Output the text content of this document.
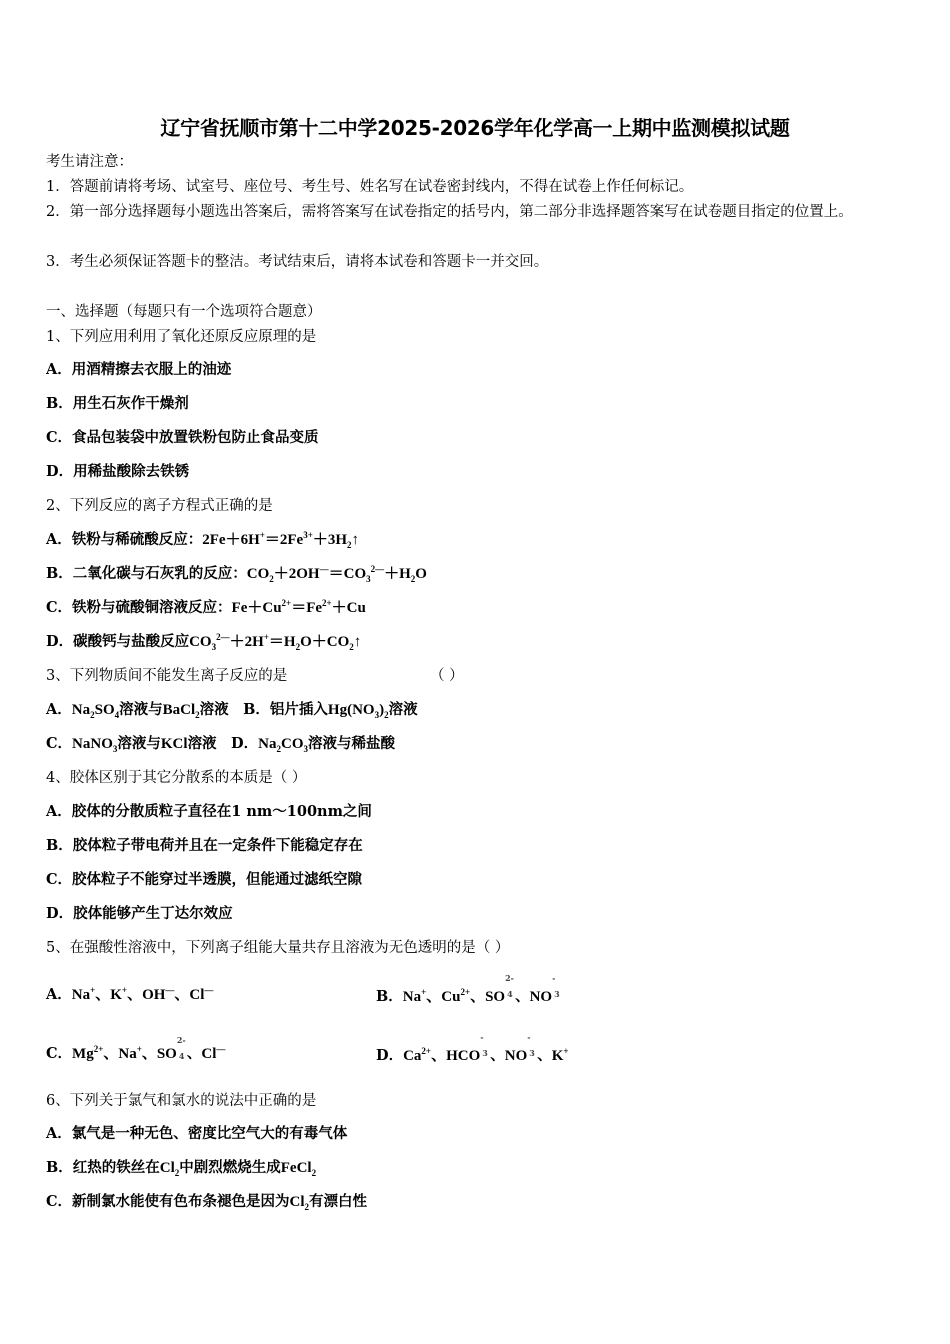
辽宁省抚顺市第十二中学2025-2026学年化学高一上期中监测模拟试题
考生请注意：
1．答题前请将考场、试室号、座位号、考生号、姓名写在试卷密封线内，不得在试卷上作任何标记。
2．第一部分选择题每小题选出答案后，需将答案写在试卷指定的括号内，第二部分非选择题答案写在试卷题目指定的位置上。
3．考生必须保证答题卡的整洁。考试结束后，请将本试卷和答题卡一并交回。
一、选择题（每题只有一个选项符合题意）
1、下列应用利用了氧化还原反应原理的是
A．用酒精擦去衣服上的油迹
B．用生石灰作干燥剂
C．食品包装袋中放置铁粉包防止食品变质
D．用稀盐酸除去铁锈
2、下列反应的离子方程式正确的是
A．铁粉与稀硫酸反应：$2Fe+6H^+=2Fe^{3+}+3H_2↑$
B．二氧化碳与石灰乳的反应：$CO_2+2OH^—=CO_3^{2—}+H_2O$
C．铁粉与硫酸铜溶液反应：$Fe+Cu^{2+}=Fe^{2+}+Cu$
D．碳酸钙与盐酸反应$CO_3^{2—}+2H^+=H_2O+CO_2↑$
3、下列物质间不能发生离子反应的是	（ ）
A．$Na_2SO_4$溶液与BaCl$_2$溶液　B．铝片插入$Hg(NO_3)_2$溶液
C．NaNO$_3$溶液与KCl溶液　D．$Na_2CO_3$溶液与稀盐酸
4、胶体区别于其它分散系的本质是（ ）
A．胶体的分散质粒子直径在1 nm～100nm之间
B．胶体粒子带电荷并且在一定条件下能稳定存在
C．胶体粒子不能穿过半透膜，但能通过滤纸空隙
D．胶体能够产生丁达尔效应
5、在强酸性溶液中，下列离子组能大量共存且溶液为无色透明的是（ ）
A．Na+、K+、OH—、Cl—	B．Na+、$Cu^{2+}$、SO
2-
4 、NO
-
3
C．$Mg^{2+}$、Na+、SO
2-
4 、Cl—	D．$Ca^{2+}$、HCO
-
3 、NO
-
3 、K+
6、下列关于氯气和氯水的说法中正确的是
A．氯气是一种无色、密度比空气大的有毒气体
B．红热的铁丝在$Cl_2$中剧烈燃烧生成FeCl$_2$
C．新制氯水能使有色布条褪色是因为$Cl_2$有漂白性
